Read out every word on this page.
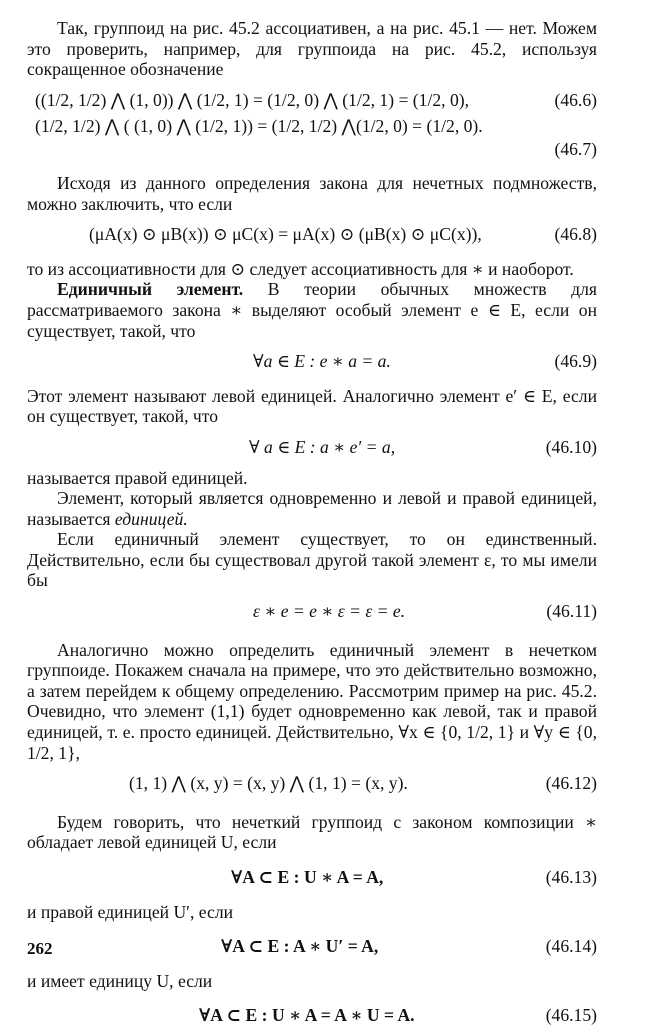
Так, группоид на рис. 45.2 ассоциативен, а на рис. 45.1 — нет. Можем это проверить, например, для группоида на рис. 45.2, используя сокращенное обозначение

((1/2, 1/2) ⋀ (1, 0)) ⋀ (1/2, 1) = (1/2, 0) ⋀ (1/2, 1) = (1/2, 0),	(46.6)
(1/2, 1/2) ⋀ ( (1, 0) ⋀ (1/2, 1)) = (1/2, 1/2) ⋀(1/2, 0) = (1/2, 0).
(46.7)

Исходя из данного определения закона для нечетных подмножеств, можно заключить, что если

(μA(x) ⊙ μB(x)) ⊙ μC(x) = μA(x) ⊙ (μB(x) ⊙ μC(x)),	(46.8)

то из ассоциативности для ⊙ следует ассоциативность для ∗ и наоборот.

Единичный элемент. В теории обычных множеств для рассматриваемого закона ∗ выделяют особый элемент e ∈ E, если он существует, такой, что

∀a ∈ E : e ∗ a = a.	(46.9)

Этот элемент называют левой единицей. Аналогично элемент e′ ∈ E, если он существует, такой, что

∀ a ∈ E : a ∗ e′ = a,	(46.10)

называется правой единицей.

Элемент, который является одновременно и левой и правой единицей, называется единицей.

Если единичный элемент существует, то он единственный. Действительно, если бы существовал другой такой элемент ε, то мы имели бы

ε ∗ e = e ∗ ε = ε = e.	(46.11)

Аналогично можно определить единичный элемент в нечетком группоиде. Покажем сначала на примере, что это действительно возможно, а затем перейдем к общему определению. Рассмотрим пример на рис. 45.2. Очевидно, что элемент (1,1) будет одновременно как левой, так и правой единицей, т. е. просто единицей. Действительно, ∀x ∈ {0, 1/2, 1} и ∀y ∈ {0, 1/2, 1},

(1, 1) ⋀ (x, y) = (x, y) ⋀ (1, 1) = (x, y).	(46.12)

Будем говорить, что нечеткий группоид с законом композиции ∗ обладает левой единицей U, если

∀A ⊂ E : U ∗ A = A,	(46.13)

и правой единицей U′, если

∀A ⊂ E : A ∗ U′ = A,	(46.14)

и имеет единицу U, если

∀A ⊂ E : U ∗ A = A ∗ U = A.	(46.15)
262
